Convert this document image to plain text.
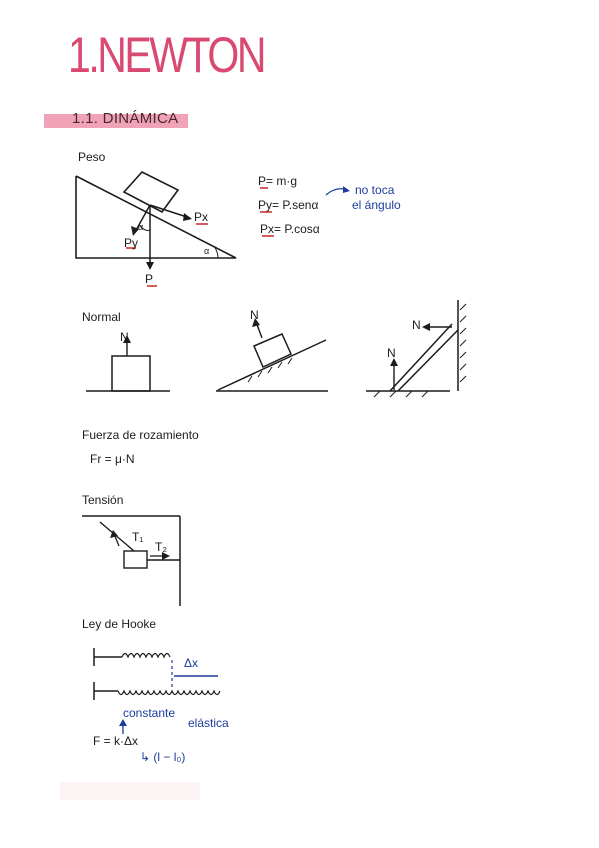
1.NEWTON
1.1. DINÁMICA
Peso
P
Py
Px
α
α
P= m·g
Py= P.senα
Px= P.cosα
no toca
el ángulo
Normal
N
N
N
N
Fuerza de rozamiento
Fr = μ·N
Tensión
T₁
T₂
Ley de Hooke
Δx
constante
elástica
F = k·Δx
↳ (l − l₀)
